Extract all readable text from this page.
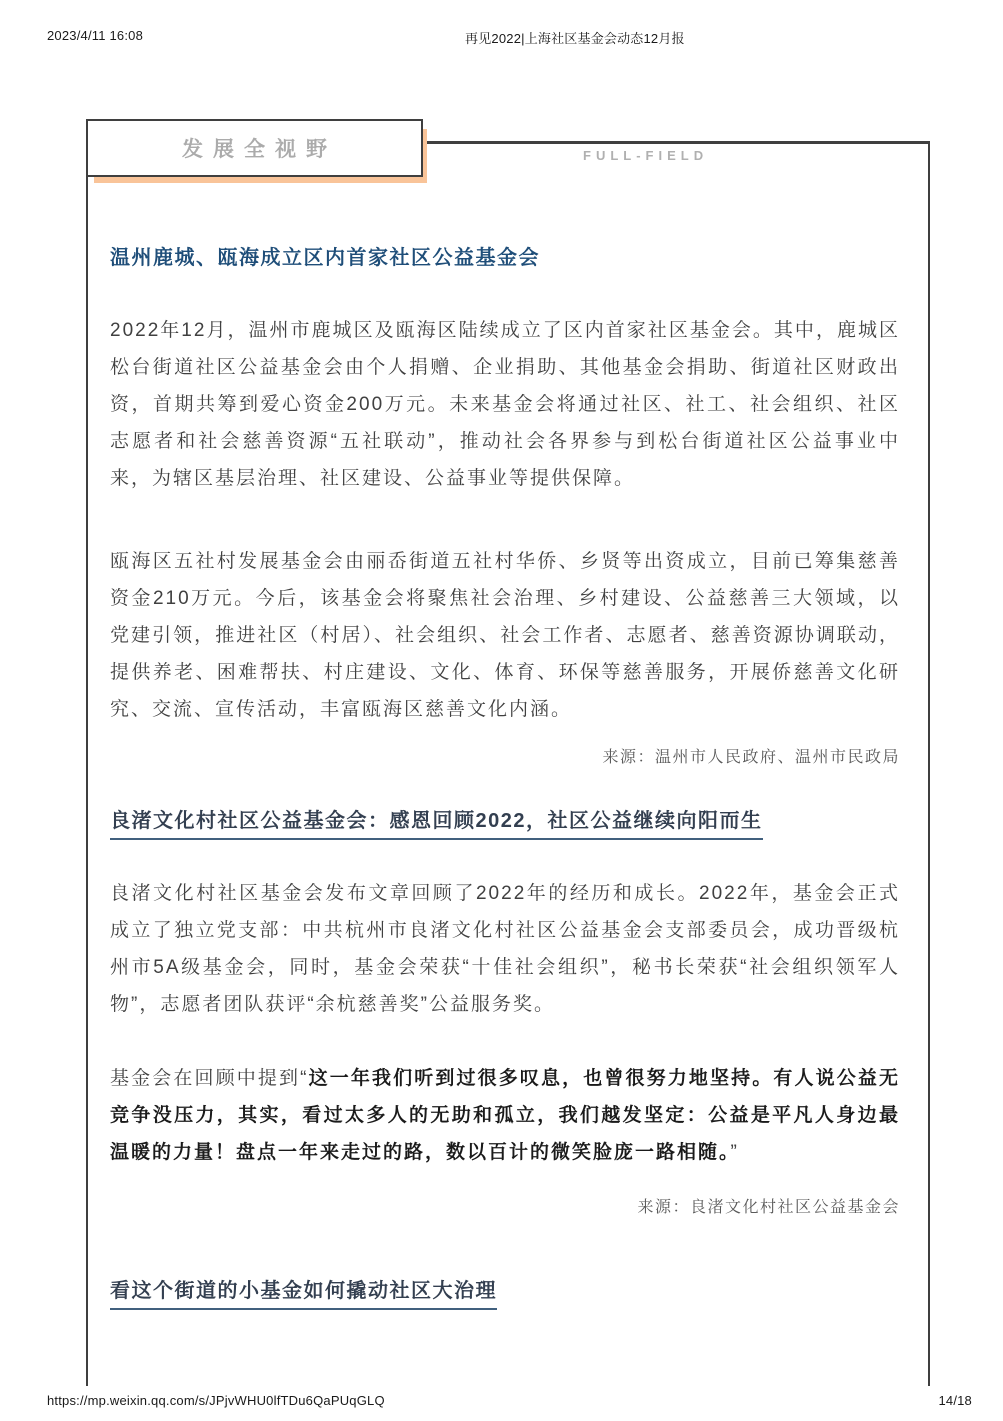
2023/4/11 16:08	再见2022|上海社区基金会动态12月报
发展全视野	FULL-FIELD
温州鹿城、瓯海成立区内首家社区公益基金会
2022年12月，温州市鹿城区及瓯海区陆续成立了区内首家社区基金会。其中，鹿城区松台街道社区公益基金会由个人捐赠、企业捐助、其他基金会捐助、街道社区财政出资，首期共筹到爱心资金200万元。未来基金会将通过社区、社工、社会组织、社区志愿者和社会慈善资源“五社联动”，推动社会各界参与到松台街道社区公益事业中来，为辖区基层治理、社区建设、公益事业等提供保障。
瓯海区五社村发展基金会由丽岙街道五社村华侨、乡贤等出资成立，目前已筹集慈善资金210万元。今后，该基金会将聚焦社会治理、乡村建设、公益慈善三大领域，以党建引领，推进社区（村居）、社会组织、社会工作者、志愿者、慈善资源协调联动，提供养老、困难帮扶、村庄建设、文化、体育、环保等慈善服务，开展侨慈善文化研究、交流、宣传活动，丰富瓯海区慈善文化内涵。
来源：温州市人民政府、温州市民政局
良渚文化村社区公益基金会：感恩回顾2022，社区公益继续向阳而生
良渚文化村社区基金会发布文章回顾了2022年的经历和成长。2022年，基金会正式成立了独立党支部：中共杭州市良渚文化村社区公益基金会支部委员会，成功晋级杭州市5A级基金会，同时，基金会荣获“十佳社会组织”，秘书长荣获“社会组织领军人物”，志愿者团队获评“余杭慈善奖”公益服务奖。
基金会在回顾中提到“这一年我们听到过很多叹息，也曾很努力地坚持。有人说公益无竞争没压力，其实，看过太多人的无助和孤立，我们越发坚定：公益是平凡人身边最温暖的力量！盘点一年来走过的路，数以百计的微笑脸庞一路相随。”
来源：良渚文化村社区公益基金会
看这个街道的小基金如何撬动社区大治理
https://mp.weixin.qq.com/s/JPjvWHU0lfTDu6QaPUqGLQ	14/18
